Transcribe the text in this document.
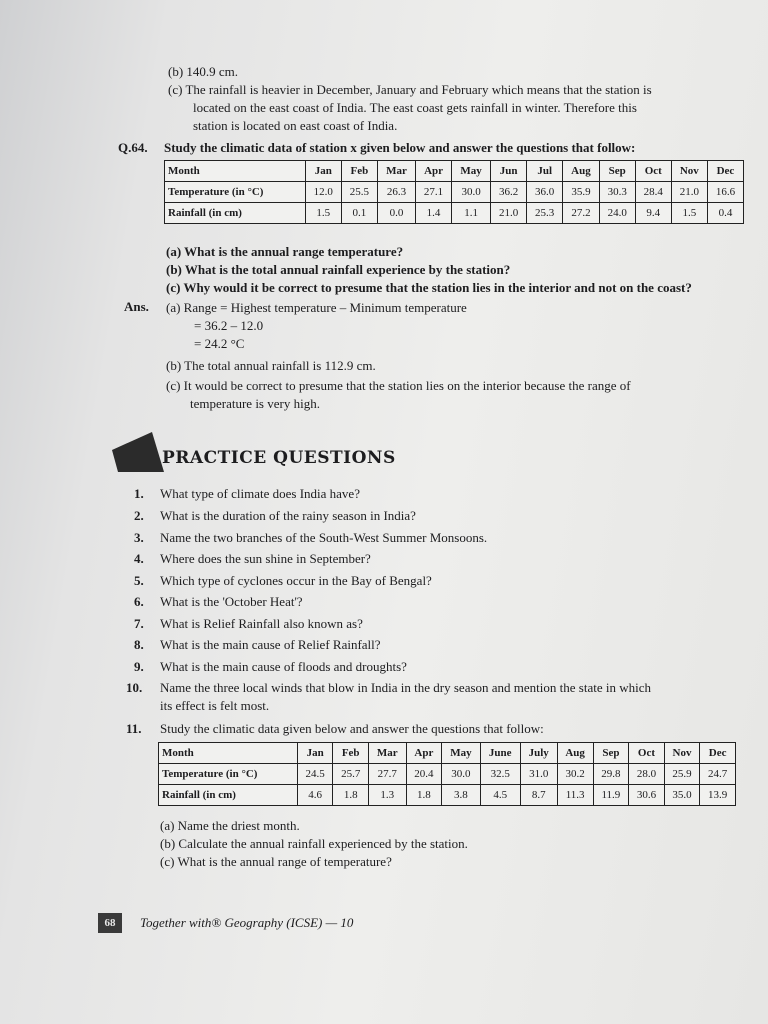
(b) 140.9 cm.
(c) The rainfall is heavier in December, January and February which means that the station is
located on the east coast of India. The east coast gets rainfall in winter. Therefore this
station is located on east coast of India.
Q.64. Study the climatic data of station x given below and answer the questions that follow:
Month	Jan	Feb	Mar	Apr	May	Jun	Jul	Aug	Sep	Oct	Nov	Dec
Temperature (in °C)	12.0	25.5	26.3	27.1	30.0	36.2	36.0	35.9	30.3	28.4	21.0	16.6
Rainfall (in cm)	1.5	0.1	0.0	1.4	1.1	21.0	25.3	27.2	24.0	9.4	1.5	0.4
(a) What is the annual range temperature?
(b) What is the total annual rainfall experience by the station?
(c) Why would it be correct to presume that the station lies in the interior and not on the coast?
Ans. (a) Range = Highest temperature – Minimum temperature
= 36.2 – 12.0
= 24.2 °C
(b) The total annual rainfall is 112.9 cm.
(c) It would be correct to presume that the station lies on the interior because the range of
temperature is very high.
PRACTICE QUESTIONS
1. What type of climate does India have?
2. What is the duration of the rainy season in India?
3. Name the two branches of the South-West Summer Monsoons.
4. Where does the sun shine in September?
5. Which type of cyclones occur in the Bay of Bengal?
6. What is the 'October Heat'?
7. What is Relief Rainfall also known as?
8. What is the main cause of Relief Rainfall?
9. What is the main cause of floods and droughts?
10. Name the three local winds that blow in India in the dry season and mention the state in which
its effect is felt most.
11. Study the climatic data given below and answer the questions that follow:
Month	Jan	Feb	Mar	Apr	May	June	July	Aug	Sep	Oct	Nov	Dec
Temperature (in °C)	24.5	25.7	27.7	20.4	30.0	32.5	31.0	30.2	29.8	28.0	25.9	24.7
Rainfall (in cm)	4.6	1.8	1.3	1.8	3.8	4.5	8.7	11.3	11.9	30.6	35.0	13.9
(a) Name the driest month.
(b) Calculate the annual rainfall experienced by the station.
(c) What is the annual range of temperature?
68	Together with® Geography (ICSE) — 10
